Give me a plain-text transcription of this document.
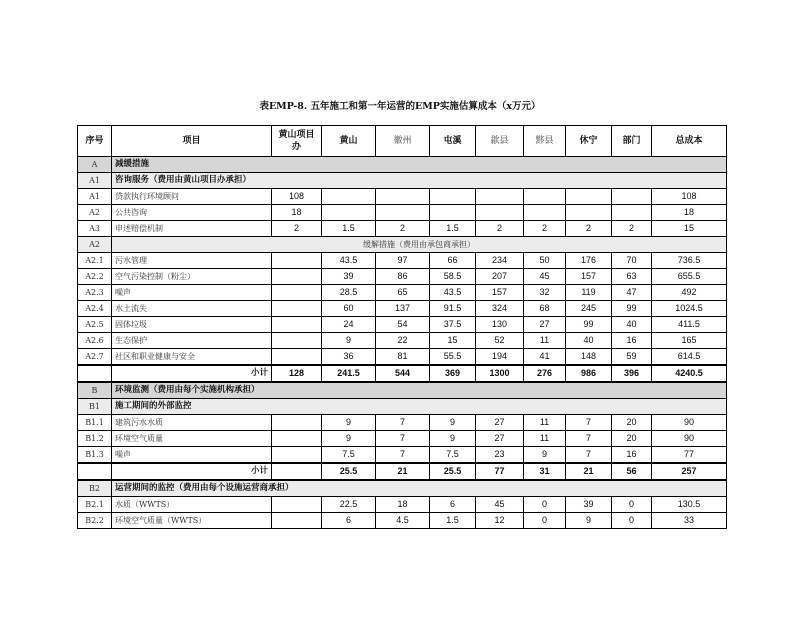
表EMP-8. 五年施工和第一年运营的EMP实施估算成本（x万元）
序号	项目	黄山项目办	黄山	徽州	屯溪	歙县	黟县	休宁	部门	总成本
A	减缓措施									
A1	咨询服务（费用由黄山项目办承担）									
A1	贷款执行环境顾问	108								108
A2	公共咨询	18								18
A3	申述赔偿机制	2	1.5	2	1.5	2	2	2	2	15
A2	缓解措施（费用由承包商承担）									
A2.1	污水管理		43.5	97	66	234	50	176	70	736.5
A2.2	空气污染控制（粉尘）		39	86	58.5	207	45	157	63	655.5
A2.3	噪声		28.5	65	43.5	157	32	119	47	492
A2.4	水土流失		60	137	91.5	324	68	245	99	1024.5
A2.5	固体垃圾		24	54	37.5	130	27	99	40	411.5
A2.6	生态保护		9	22	15	52	11	40	16	165
A2.7	社区和职业健康与安全		36	81	55.5	194	41	148	59	614.5
	小计	128	241.5	544	369	1300	276	986	396	4240.5
B	环境监测（费用由每个实施机构承担）									
B1	施工期间的外部监控									
B1.1	建筑污水水质		9	7	9	27	11	7	20	90
B1.2	环境空气质量		9	7	9	27	11	7	20	90
B1.3	噪声		7.5	7	7.5	23	9	7	16	77
	小计		25.5	21	25.5	77	31	21	56	257
B2	运营期间的监控（费用由每个设施运营商承担）									
B2.1	水质（WWTS）		22.5	18	6	45	0	39	0	130.5
B2.2	环境空气质量（WWTS）		6	4.5	1.5	12	0	9	0	33
